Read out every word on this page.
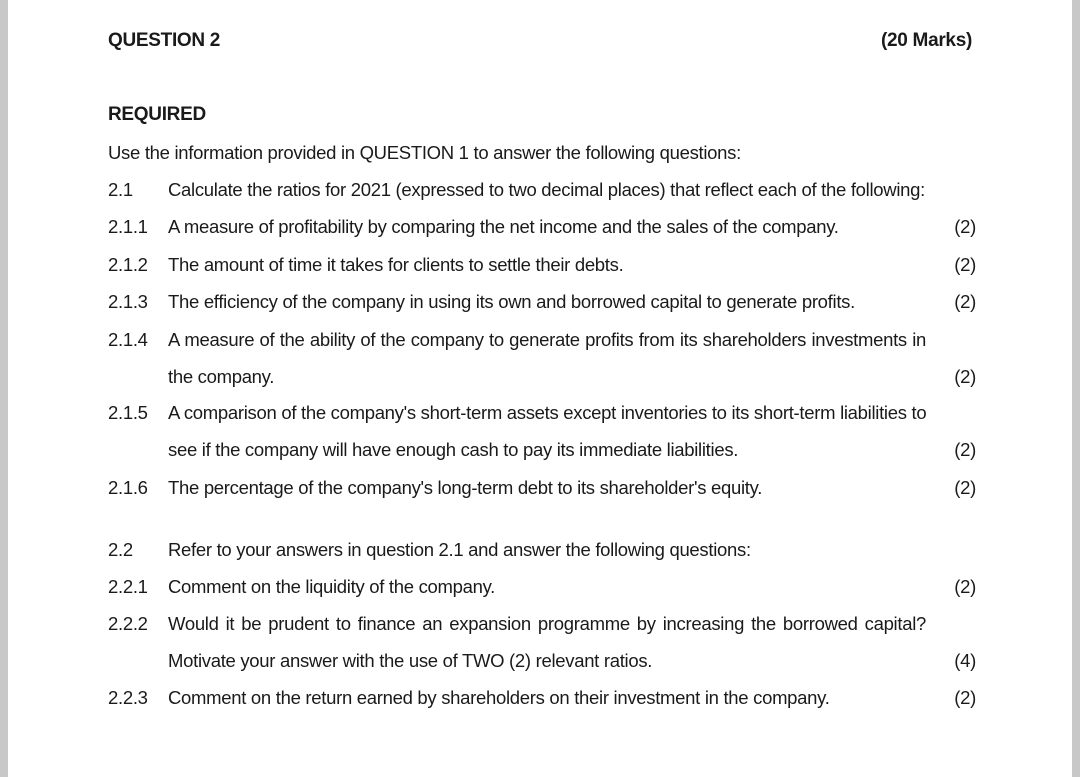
QUESTION 2	(20 Marks)
REQUIRED
Use the information provided in QUESTION 1 to answer the following questions:
2.1 Calculate the ratios for 2021 (expressed to two decimal places) that reflect each of the following:
2.1.1 A measure of profitability by comparing the net income and the sales of the company.	(2)
2.1.2 The amount of time it takes for clients to settle their debts.	(2)
2.1.3 The efficiency of the company in using its own and borrowed capital to generate profits.	(2)
2.1.4 A measure of the ability of the company to generate profits from its shareholders investments in
the company.	(2)
2.1.5 A comparison of the company's short-term assets except inventories to its short-term liabilities to
see if the company will have enough cash to pay its immediate liabilities.	(2)
2.1.6 The percentage of the company's long-term debt to its shareholder's equity.	(2)
2.2 Refer to your answers in question 2.1 and answer the following questions:
2.2.1 Comment on the liquidity of the company.	(2)
2.2.2 Would it be prudent to finance an expansion programme by increasing the borrowed capital?
Motivate your answer with the use of TWO (2) relevant ratios.	(4)
2.2.3 Comment on the return earned by shareholders on their investment in the company.	(2)
